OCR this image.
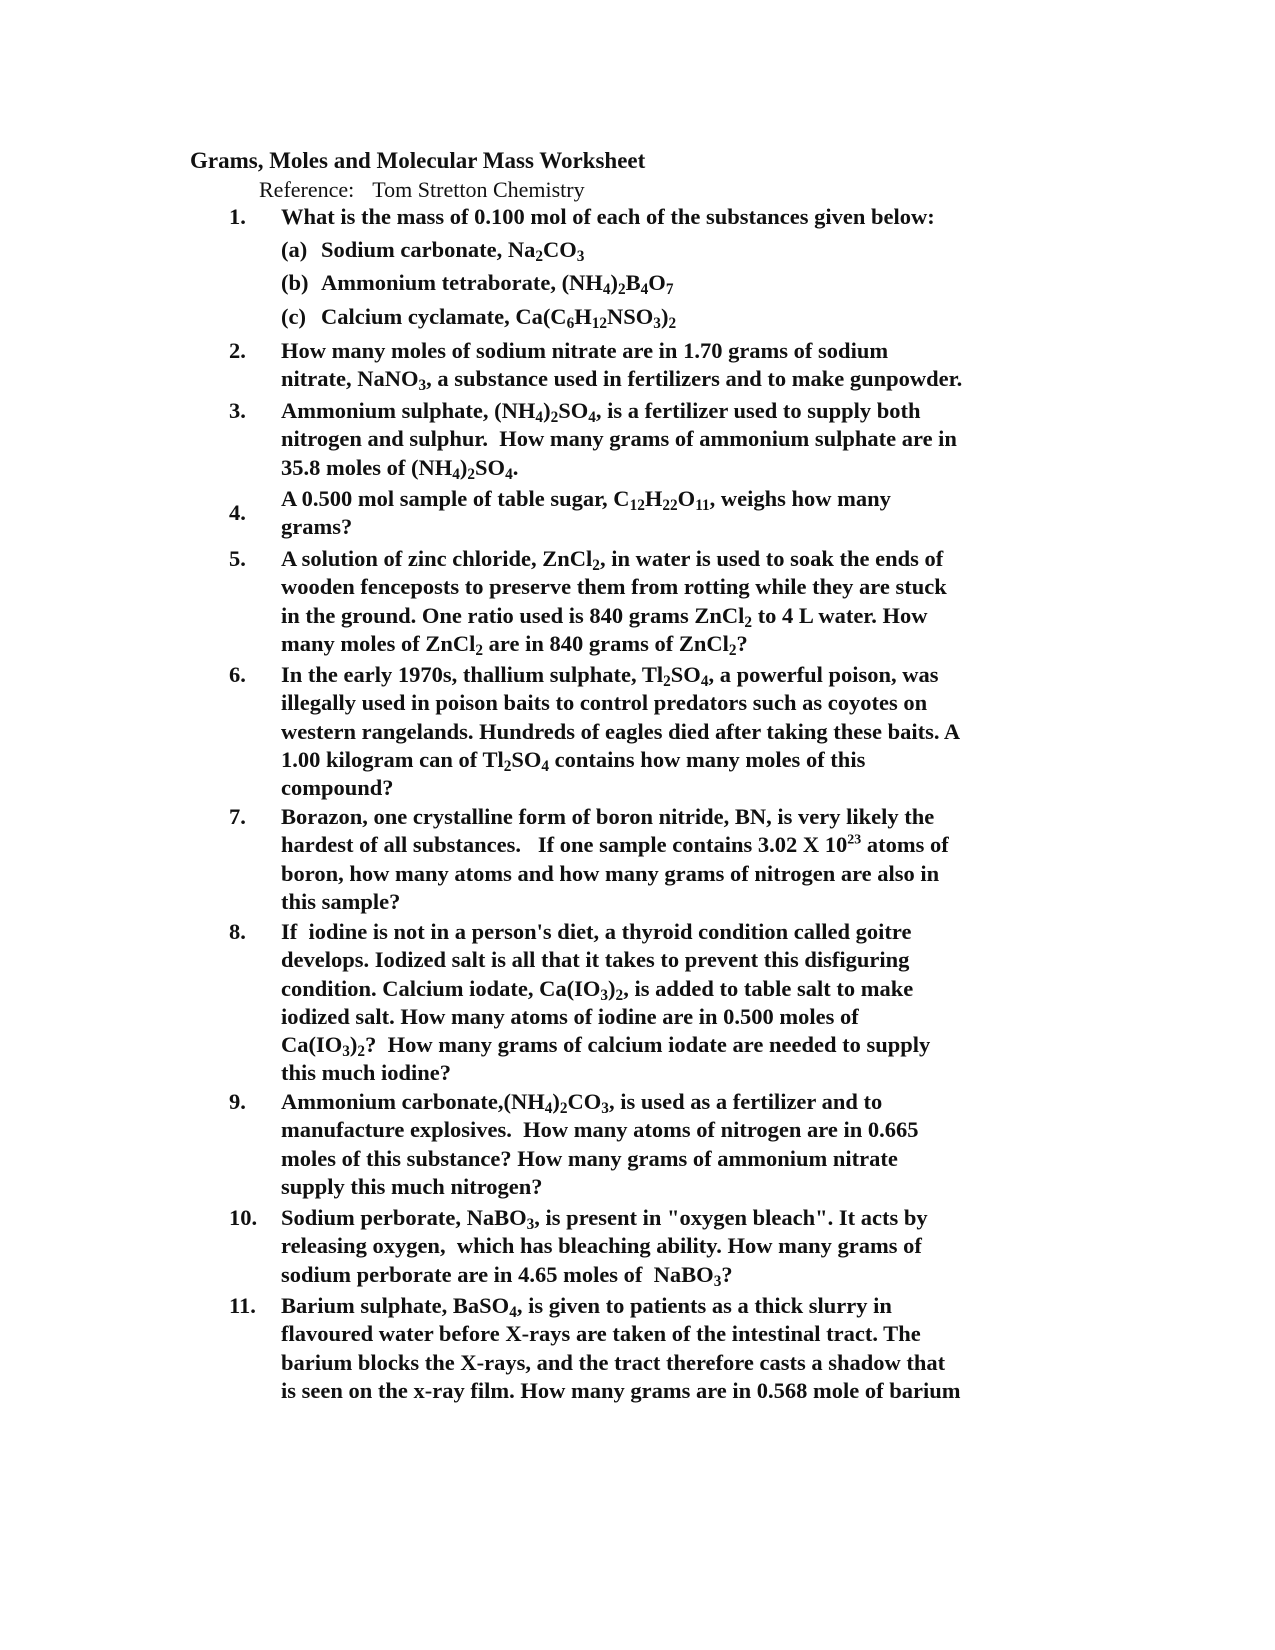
Grams, Moles and Molecular Mass Worksheet
Reference: Tom Stretton Chemistry
1.	What is the mass of 0.100 mol of each of the substances given below:
(a) Sodium carbonate, $Na_2CO_3$
(b) Ammonium tetraborate, $(NH_4)_2B_4O_7$
(c) Calcium cyclamate, $Ca(C_6H_{12}NSO_3)_2$
2.	How many moles of sodium nitrate are in 1.70 grams of sodium
nitrate, NaNO$_3$, a substance used in fertilizers and to make gunpowder.
3.	Ammonium sulphate, $(NH_4)_2SO_4$, is a fertilizer used to supply both
nitrogen and sulphur.  How many grams of ammonium sulphate are in
35.8 moles of $(NH_4)_2SO_4$.
4.
A 0.500 mol sample of table sugar, $C_{12}H_{22}O_{11}$, weighs how many
grams?
5.	A solution of zinc chloride, ZnCl$_2$, in water is used to soak the ends of
wooden fenceposts to preserve them from rotting while they are stuck
in the ground. One ratio used is 840 grams ZnCl$_2$ to 4 L water. How
many moles of ZnCl$_2$ are in 840 grams of ZnCl$_2$?
6.	In the early 1970s, thallium sulphate, $Tl_2SO_4$, a powerful poison, was
illegally used in poison baits to control predators such as coyotes on
western rangelands. Hundreds of eagles died after taking these baits. A
1.00 kilogram can of $Tl_2SO_4$ contains how many moles of this
compound?
7.	Borazon, one crystalline form of boron nitride, BN, is very likely the
hardest of all substances.   If one sample contains 3.02 X $10^{23}$ atoms of
boron, how many atoms and how many grams of nitrogen are also in
this sample?
8.	If  iodine is not in a person's diet, a thyroid condition called goitre
develops. Iodized salt is all that it takes to prevent this disfiguring
condition. Calcium iodate, $Ca(IO_3)_2$, is added to table salt to make
iodized salt. How many atoms of iodine are in 0.500 moles of
$Ca(IO_3)_2$?  How many grams of calcium iodate are needed to supply
this much iodine?
9.	Ammonium $carbonate,(NH_4)_2CO_3$, is used as a fertilizer and to
manufacture explosives.  How many atoms of nitrogen are in 0.665
moles of this substance? How many grams of ammonium nitrate
supply this much nitrogen?
10.	Sodium perborate, NaBO$_3$, is present in "oxygen bleach". It acts by
releasing oxygen,  which has bleaching ability. How many grams of
sodium perborate are in 4.65 moles of  NaBO$_3$?
11.	Barium sulphate, BaSO$_4$, is given to patients as a thick slurry in
flavoured water before X-rays are taken of the intestinal tract. The
barium blocks the X-rays, and the tract therefore casts a shadow that
is seen on the x-ray film. How many grams are in 0.568 mole of barium
